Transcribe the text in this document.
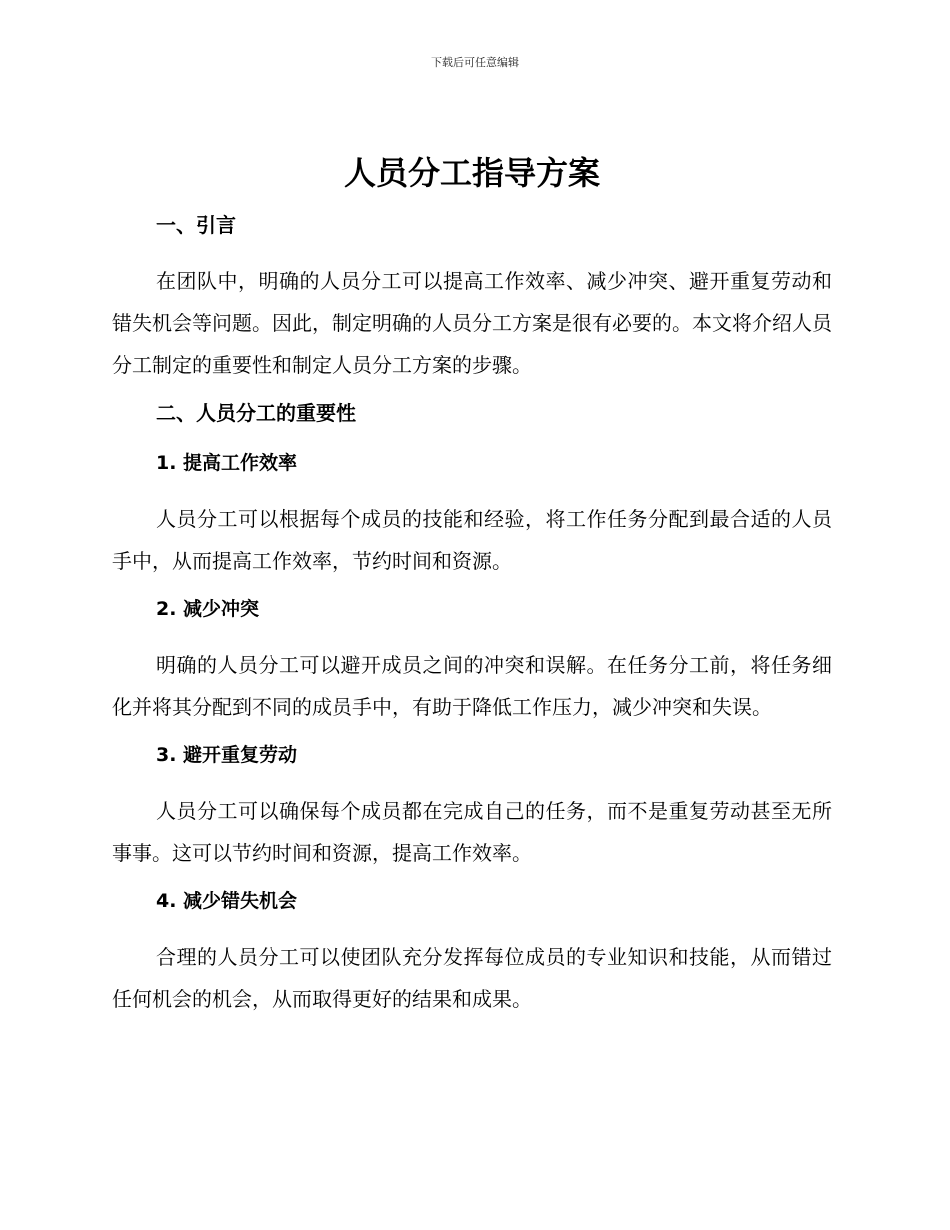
下载后可任意编辑
人员分工指导方案
一、引言

在团队中，明确的人员分工可以提高工作效率、减少冲突、避开重复劳动和错失机会等问题。因此，制定明确的人员分工方案是很有必要的。本文将介绍人员分工制定的重要性和制定人员分工方案的步骤。

二、人员分工的重要性
1. 提高工作效率

人员分工可以根据每个成员的技能和经验，将工作任务分配到最合适的人员手中，从而提高工作效率，节约时间和资源。

2. 减少冲突

明确的人员分工可以避开成员之间的冲突和误解。在任务分工前，将任务细化并将其分配到不同的成员手中，有助于降低工作压力，减少冲突和失误。

3. 避开重复劳动

人员分工可以确保每个成员都在完成自己的任务，而不是重复劳动甚至无所事事。这可以节约时间和资源，提高工作效率。

4. 减少错失机会

合理的人员分工可以使团队充分发挥每位成员的专业知识和技能，从而错过任何机会的机会，从而取得更好的结果和成果。
